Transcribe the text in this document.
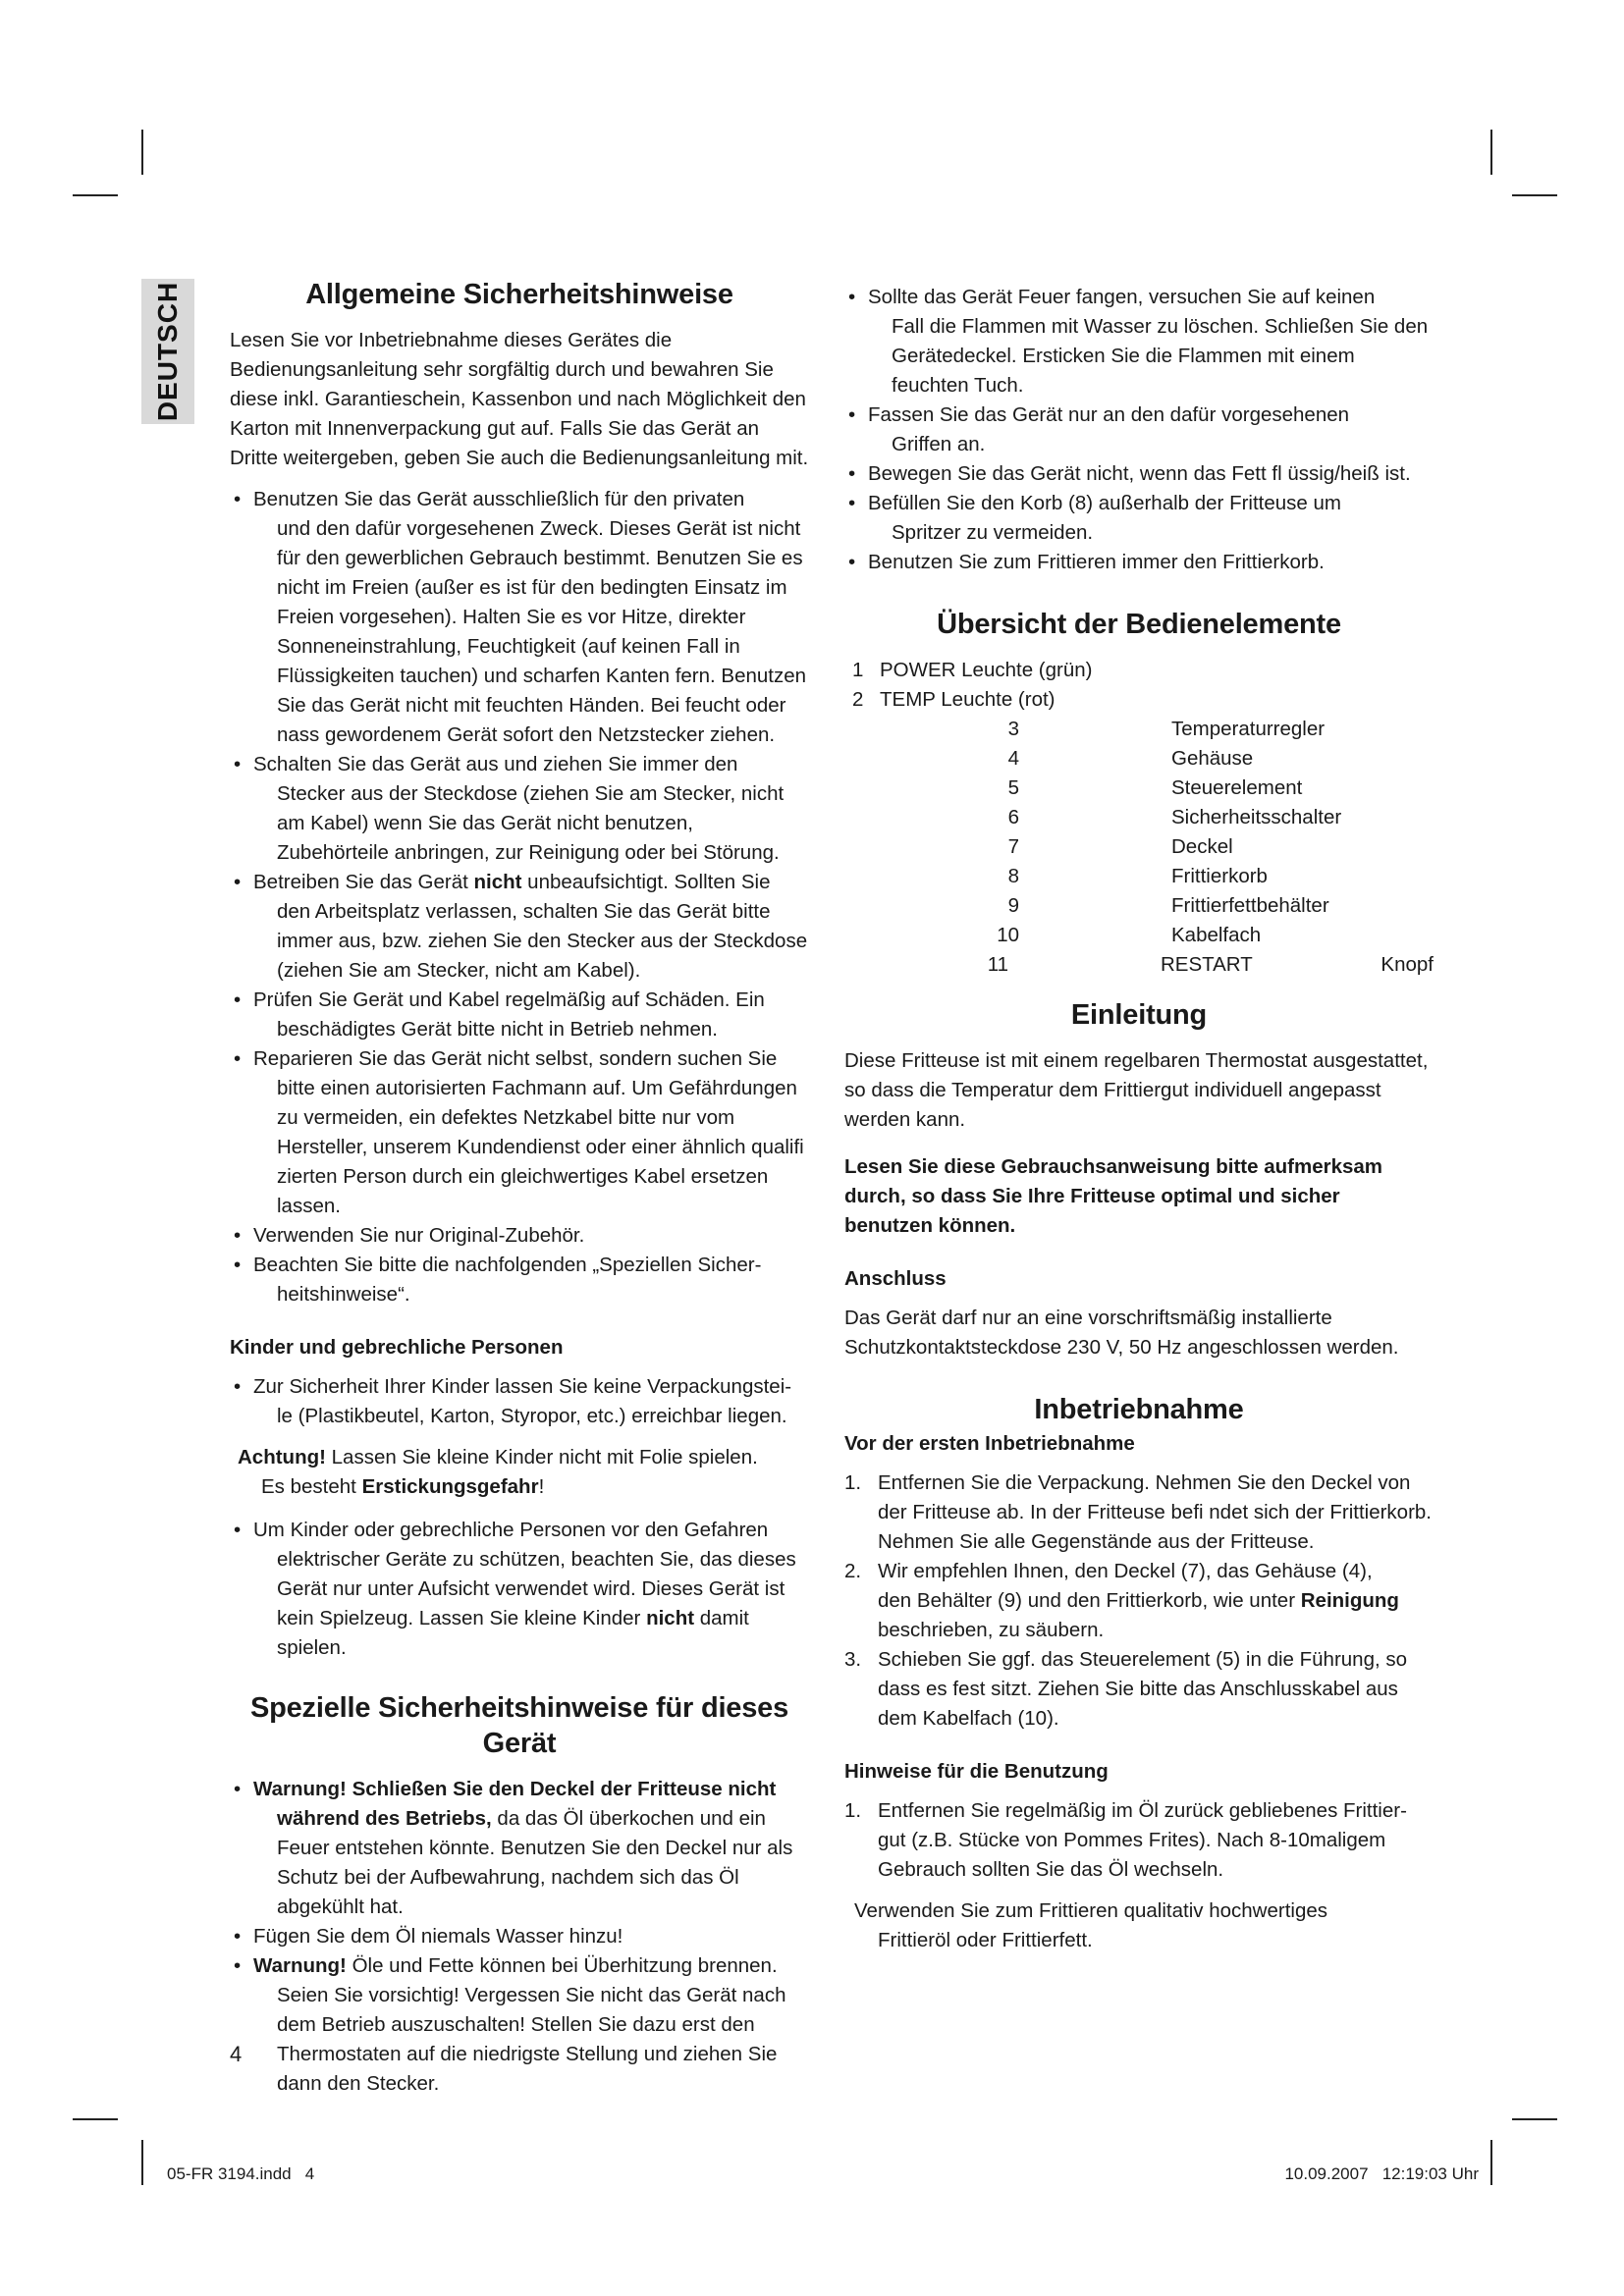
DEUTSCH	Allgemeine Sicherheitshinweise

Lesen Sie vor Inbetriebnahme dieses Gerätes die Bedienungsanleitung sehr sorgfältig durch und bewahren Sie diese inkl. Garantieschein, Kassenbon und nach Möglichkeit den Karton mit Innenverpackung gut auf. Falls Sie das Gerät an Dritte weitergeben, geben Sie auch die Bedienungsanleitung mit.

• Benutzen Sie das Gerät ausschließlich für den privaten
und den dafür vorgesehenen Zweck. Dieses Gerät ist nicht für den gewerblichen Gebrauch bestimmt. Benutzen Sie es nicht im Freien (außer es ist für den bedingten Einsatz im Freien vorgesehen). Halten Sie es vor Hitze, direkter Sonneneinstrahlung, Feuchtigkeit (auf keinen Fall in Flüssigkeiten tauchen) und scharfen Kanten fern. Benutzen Sie das Gerät nicht mit feuchten Händen. Bei feucht oder nass gewordenem Gerät sofort den Netzstecker ziehen.
• Schalten Sie das Gerät aus und ziehen Sie immer den
Stecker aus der Steckdose (ziehen Sie am Stecker, nicht am Kabel) wenn Sie das Gerät nicht benutzen, Zubehörteile anbringen, zur Reinigung oder bei Störung.
• Betreiben Sie das Gerät nicht unbeaufsichtigt. Sollten Sie
den Arbeitsplatz verlassen, schalten Sie das Gerät bitte immer aus, bzw. ziehen Sie den Stecker aus der Steckdose (ziehen Sie am Stecker, nicht am Kabel).
• Prüfen Sie Gerät und Kabel regelmäßig auf Schäden. Ein
beschädigtes Gerät bitte nicht in Betrieb nehmen.
• Reparieren Sie das Gerät nicht selbst, sondern suchen Sie
bitte einen autorisierten Fachmann auf. Um Gefährdungen zu vermeiden, ein defektes Netzkabel bitte nur vom Hersteller, unserem Kundendienst oder einer ähnlich qualifi zierten Person durch ein gleichwertiges Kabel ersetzen lassen.
• Verwenden Sie nur Original-Zubehör.
• Beachten Sie bitte die nachfolgenden „Speziellen Sicher-
heitshinweise“.
Kinder und gebrechliche Personen
• Zur Sicherheit Ihrer Kinder lassen Sie keine Verpackungstei-
le (Plastikbeutel, Karton, Styropor, etc.) erreichbar liegen.
Achtung! Lassen Sie kleine Kinder nicht mit Folie spielen.
Es besteht Erstickungsgefahr!
• Um Kinder oder gebrechliche Personen vor den Gefahren
elektrischer Geräte zu schützen, beachten Sie, das dieses Gerät nur unter Aufsicht verwendet wird. Dieses Gerät ist kein Spielzeug. Lassen Sie kleine Kinder nicht damit spielen.
Spezielle Sicherheitshinweise für dieses Gerät
• Warnung! Schließen Sie den Deckel der Fritteuse nicht
während des Betriebs, da das Öl überkochen und ein Feuer entstehen könnte. Benutzen Sie den Deckel nur als Schutz bei der Aufbewahrung, nachdem sich das Öl abgekühlt hat.
• Fügen Sie dem Öl niemals Wasser hinzu!
• Warnung! Öle und Fette können bei Überhitzung brennen.
Seien Sie vorsichtig! Vergessen Sie nicht das Gerät nach dem Betrieb auszuschalten! Stellen Sie dazu erst den Thermostaten auf die niedrigste Stellung und ziehen Sie dann den Stecker.
• Sollte das Gerät Feuer fangen, versuchen Sie auf keinen
Fall die Flammen mit Wasser zu löschen. Schließen Sie den Gerätedeckel. Ersticken Sie die Flammen mit einem feuchten Tuch.
• Fassen Sie das Gerät nur an den dafür vorgesehenen
Griffen an.
• Bewegen Sie das Gerät nicht, wenn das Fett fl üssig/heiß ist.
• Befüllen Sie den Korb (8) außerhalb der Fritteuse um
Spritzer zu vermeiden.
• Benutzen Sie zum Frittieren immer den Frittierkorb.
Übersicht der Bedienelemente
1 POWER Leuchte (grün)
2 TEMP Leuchte (rot)
3	Temperaturregler
4	Gehäuse
5	Steuerelement
6	Sicherheitsschalter
7	Deckel
8	Frittierkorb
9	Frittierfettbehälter
10	Kabelfach
11	RESTART	Knopf
Einleitung

Diese Fritteuse ist mit einem regelbaren Thermostat ausgestattet, so dass die Temperatur dem Frittiergut individuell angepasst werden kann.

Lesen Sie diese Gebrauchsanweisung bitte aufmerksam durch, so dass Sie Ihre Fritteuse optimal und sicher benutzen können.

Anschluss

Das Gerät darf nur an eine vorschriftsmäßig installierte Schutzkontaktsteckdose 230 V, 50 Hz angeschlossen werden.

Inbetriebnahme
Vor der ersten Inbetriebnahme
1. Entfernen Sie die Verpackung. Nehmen Sie den Deckel von
der Fritteuse ab. In der Fritteuse befi ndet sich der Frittierkorb. Nehmen Sie alle Gegenstände aus der Fritteuse.
2. Wir empfehlen Ihnen, den Deckel (7), das Gehäuse (4),
den Behälter (9) und den Frittierkorb, wie unter Reinigung beschrieben, zu säubern.
3. Schieben Sie ggf. das Steuerelement (5) in die Führung, so
dass es fest sitzt. Ziehen Sie bitte das Anschlusskabel aus dem Kabelfach (10).
Hinweise für die Benutzung
1. Entfernen Sie regelmäßig im Öl zurück gebliebenes Frittier-
gut (z.B. Stücke von Pommes Frites). Nach 8-10maligem Gebrauch sollten Sie das Öl wechseln.
Verwenden Sie zum Frittieren qualitativ hochwertiges
Frittieröl oder Frittierfett.
4
05-FR 3194.indd   4	10.09.2007   12:19:03 Uhr
